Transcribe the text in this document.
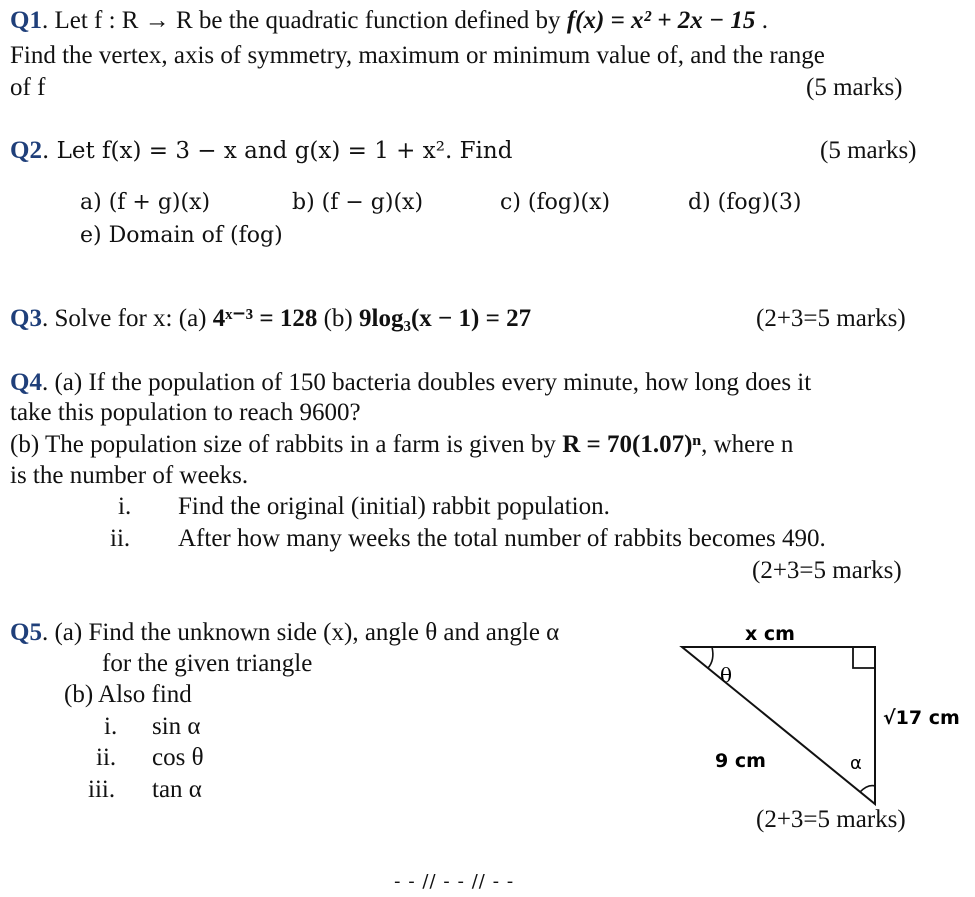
Q1. Let f : R → R be the quadratic function defined by f(x) = x² + 2x − 15 .
Find the vertex, axis of symmetry, maximum or minimum value of, and the range
of f	(5 marks)
Q2. Let f(x) = 3 − x and g(x) = 1 + x². Find	(5 marks)
a) (f + g)(x)	b) (f − g)(x)	c) (fog)(x)	d) (fog)(3)
e) Domain of (fog)
Q3. Solve for x: (a) 4ˣ⁻³ = 128 (b) 9log₃(x − 1) = 27	(2+3=5 marks)
Q4. (a) If the population of 150 bacteria doubles every minute, how long does it
take this population to reach 9600?
(b) The population size of rabbits in a farm is given by R = 70(1.07)ⁿ, where n
is the number of weeks.
i. Find the original (initial) rabbit population.
ii. After how many weeks the total number of rabbits becomes 490.
(2+3=5 marks)
Q5. (a) Find the unknown side (x), angle θ and angle α
for the given triangle
(b) Also find
i. sin α
ii. cos θ
iii. tan α
x cm
θ
√17 cm
9 cm	α
(2+3=5 marks)
- - // - - // - -
